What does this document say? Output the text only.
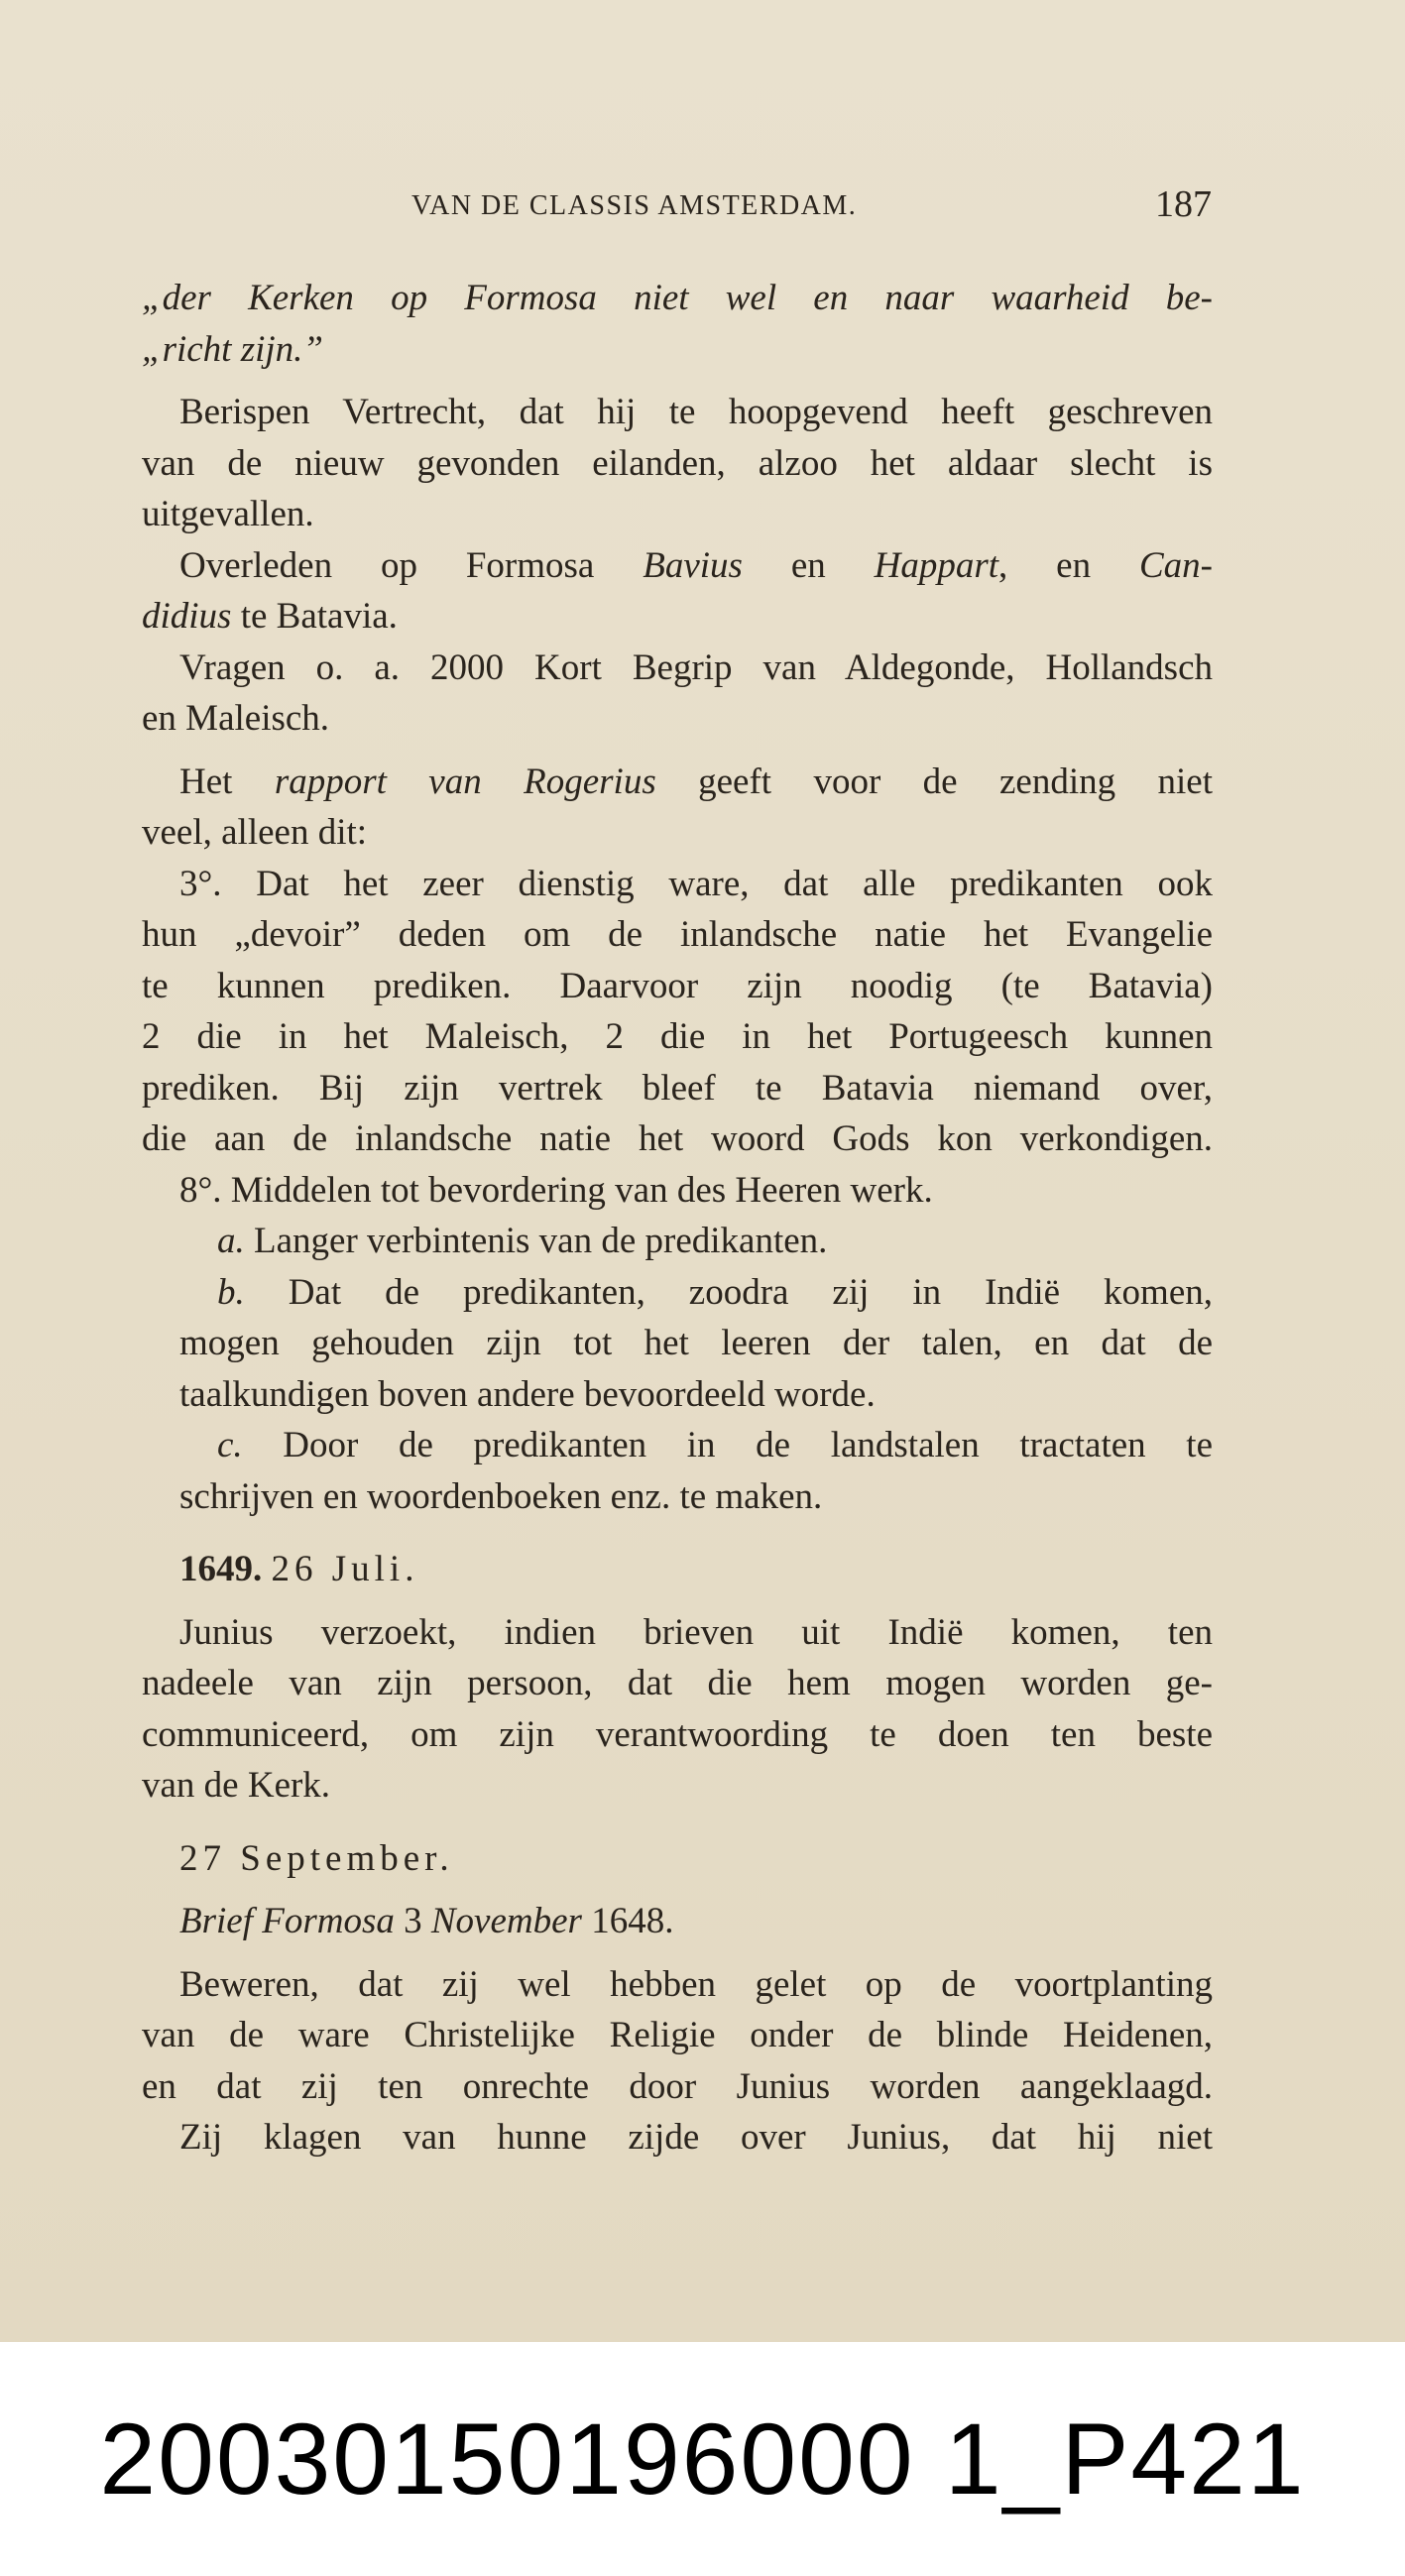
VAN DE CLASSIS AMSTERDAM.	187
„der Kerken op Formosa niet wel en naar waarheid be-
„richt zijn.”
Berispen Vertrecht, dat hij te hoopgevend heeft geschreven
van de nieuw gevonden eilanden, alzoo het aldaar slecht is
uitgevallen.
Overleden op Formosa Bavius en Happart, en Can-
didius te Batavia.
Vragen o. a. 2000 Kort Begrip van Aldegonde, Hollandsch
en Maleisch.
Het rapport van Rogerius geeft voor de zending niet
veel, alleen dit:
3°. Dat het zeer dienstig ware, dat alle predikanten ook
hun „devoir” deden om de inlandsche natie het Evangelie
te kunnen prediken. Daarvoor zijn noodig (te Batavia)
2 die in het Maleisch, 2 die in het Portugeesch kunnen
prediken. Bij zijn vertrek bleef te Batavia niemand over,
die aan de inlandsche natie het woord Gods kon verkondigen.
8°. Middelen tot bevordering van des Heeren werk.
a. Langer verbintenis van de predikanten.
b. Dat de predikanten, zoodra zij in Indië komen,
mogen gehouden zijn tot het leeren der talen, en dat de
taalkundigen boven andere bevoordeeld worde.
c. Door de predikanten in de landstalen tractaten te
schrijven en woordenboeken enz. te maken.
1649. 26 Juli.
Junius verzoekt, indien brieven uit Indië komen, ten
nadeele van zijn persoon, dat die hem mogen worden ge-
communiceerd, om zijn verantwoording te doen ten beste
van de Kerk.
27 September.
Brief Formosa 3 November 1648.
Beweren, dat zij wel hebben gelet op de voortplanting
van de ware Christelijke Religie onder de blinde Heidenen,
en dat zij ten onrechte door Junius worden aangeklaagd.
Zij klagen van hunne zijde over Junius, dat hij niet
20030150196000 1_P421
